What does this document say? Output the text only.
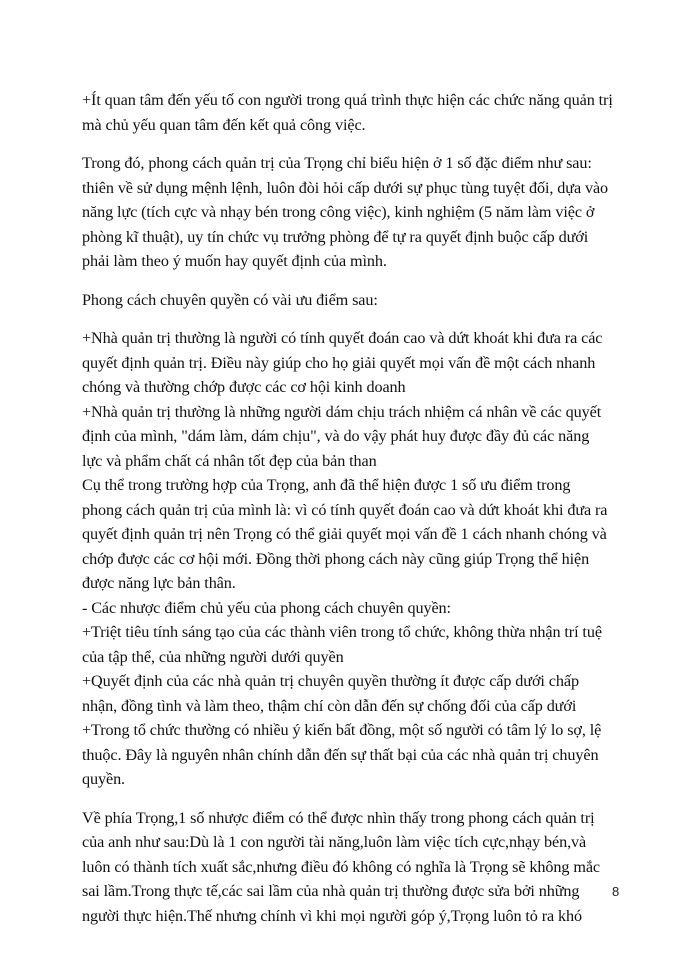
+Ít quan tâm đến yếu tố con người trong quá trình thực hiện các chức năng quản trị
mà chủ yếu quan tâm đến kết quả công việc.
Trong đó, phong cách quản trị của Trọng chỉ biểu hiện ở 1 số đặc điểm như sau:
thiên về sử dụng mệnh lệnh, luôn đòi hỏi cấp dưới sự phục tùng tuyệt đối, dựa vào
năng lực (tích cực và nhạy bén trong công việc), kinh nghiệm (5 năm làm việc ở
phòng kĩ thuật), uy tín chức vụ trưởng phòng để tự ra quyết định buộc cấp dưới
phải làm theo ý muốn hay quyết định của mình.
Phong cách chuyên quyền có vài ưu điểm sau:
+Nhà quản trị thường là người có tính quyết đoán cao và dứt khoát khi đưa ra các
quyết định quản trị. Điều này giúp cho họ giải quyết mọi vấn đề một cách nhanh
chóng và thường chớp được các cơ hội kinh doanh
+Nhà quản trị thường là những người dám chịu trách nhiệm cá nhân về các quyết
định của mình, "dám làm, dám chịu", và do vậy phát huy được đầy đủ các năng
lực và phẩm chất cá nhân tốt đẹp của bản than
Cụ thể trong trường hợp của Trọng, anh đã thể hiện được 1 số ưu điểm trong
phong cách quản trị của mình là: vì có tính quyết đoán cao và dứt khoát khi đưa ra
quyết định quản trị nên Trọng có thể giải quyết mọi vấn đề 1 cách nhanh chóng và
chớp được các cơ hội mới. Đồng thời phong cách này cũng giúp Trọng thể hiện
được năng lực bản thân.
- Các nhược điểm chủ yếu của phong cách chuyên quyền:
+Triệt tiêu tính sáng tạo của các thành viên trong tổ chức, không thừa nhận trí tuệ
của tập thể, của những người dưới quyền
+Quyết định của các nhà quản trị chuyên quyền thường ít được cấp dưới chấp
nhận, đồng tình và làm theo, thậm chí còn dẫn đến sự chống đối của cấp dưới
+Trong tổ chức thường có nhiều ý kiến bất đồng, một số người có tâm lý lo sợ, lệ
thuộc. Đây là nguyên nhân chính dẫn đến sự thất bại của các nhà quản trị chuyên
quyền.
Về phía Trọng,1 số nhược điểm có thể được nhìn thấy trong phong cách quản trị
của anh như sau:Dù là 1 con người tài năng,luôn làm việc tích cực,nhạy bén,và
luôn có thành tích xuất sắc,nhưng điều đó không có nghĩa là Trọng sẽ không mắc
sai lầm.Trong thực tế,các sai lầm của nhà quản trị thường được sửa bởi những
người thực hiện.Thế nhưng chính vì khi mọi người góp ý,Trọng luôn tỏ ra khó
8
